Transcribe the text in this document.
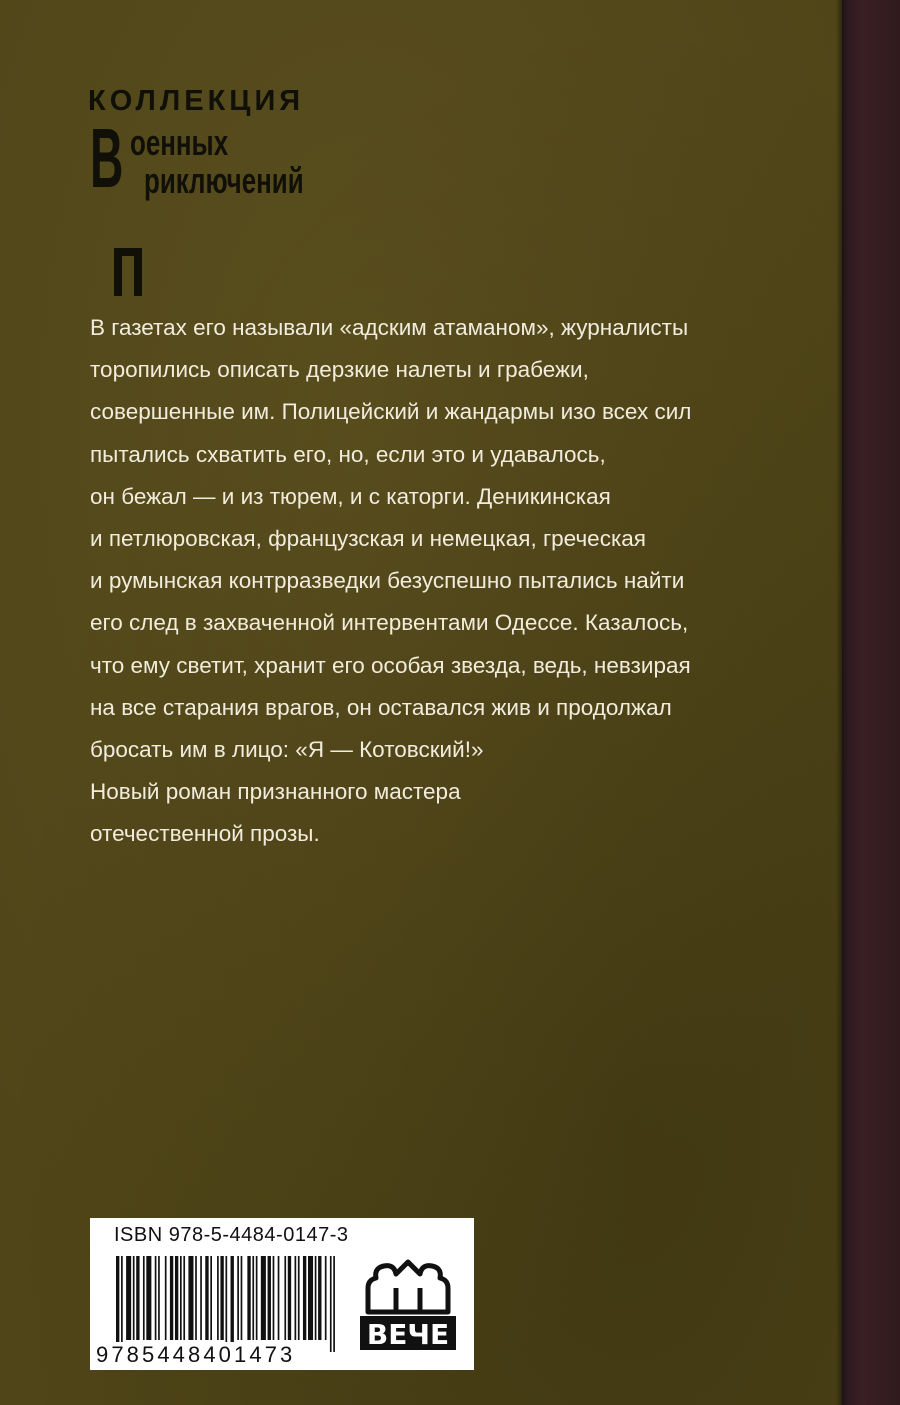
КОЛЛЕКЦИЯ
В оенных
риключений

В газетах его называли «адским атаманом», журналисты
торопились описать дерзкие налеты и грабежи,
совершенные им. Полицейский и жандармы изо всех сил
пытались схватить его, но, если это и удавалось,
он бежал — и из тюрем, и с каторги. Деникинская
и петлюровская, французская и немецкая, греческая
и румынская контрразведки безуспешно пытались найти
его след в захваченной интервентами Одессе. Казалось,
что ему светит, хранит его особая звезда, ведь, невзирая
на все старания врагов, он оставался жив и продолжал
бросать им в лицо: «Я — Котовский!»
Новый роман признанного мастера
отечественной прозы.

ISBN 978-5-4484-0147-3
9785448401473
ВЕЧЕ
